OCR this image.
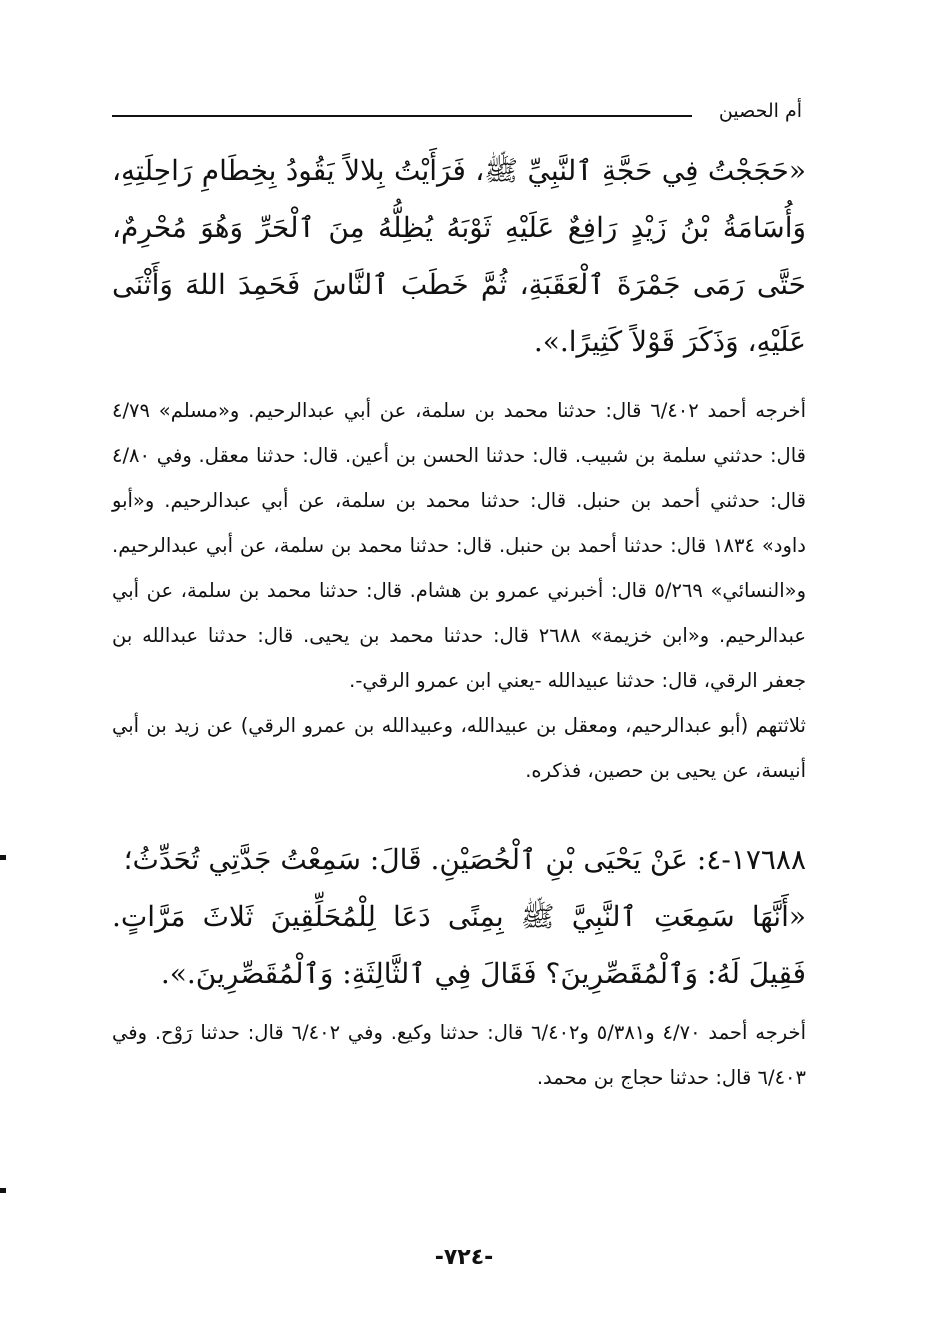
أم الحصين

«حَجَجْتُ فِي حَجَّةِ ٱلنَّبِيِّ ﷺ، فَرَأَيْتُ بِلالاً يَقُودُ بِخِطَامِ رَاحِلَتِهِ، وَأُسَامَةُ بْنُ زَيْدٍ رَافِعٌ عَلَيْهِ ثَوْبَهُ يُظِلُّهُ مِنَ ٱلْحَرِّ وَهُوَ مُحْرِمٌ، حَتَّى رَمَى جَمْرَةَ ٱلْعَقَبَةِ، ثُمَّ خَطَبَ ٱلنَّاسَ فَحَمِدَ اللهَ وَأَثْنَى عَلَيْهِ، وَذَكَرَ قَوْلاً كَثِيرًا.».

أخرجه أحمد ٦/٤٠٢ قال: حدثنا محمد بن سلمة، عن أبي عبدالرحيم. و«مسلم» ٤/٧٩ قال: حدثني سلمة بن شبيب. قال: حدثنا الحسن بن أعين. قال: حدثنا معقل. وفي ٤/٨٠ قال: حدثني أحمد بن حنبل. قال: حدثنا محمد بن سلمة، عن أبي عبدالرحيم. و«أبو داود» ١٨٣٤ قال: حدثنا أحمد بن حنبل. قال: حدثنا محمد بن سلمة، عن أبي عبدالرحيم. و«النسائي» ٥/٢٦٩ قال: أخبرني عمرو بن هشام. قال: حدثنا محمد بن سلمة، عن أبي عبدالرحيم. و«ابن خزيمة» ٢٦٨٨ قال: حدثنا محمد بن يحيى. قال: حدثنا عبدالله بن جعفر الرقي، قال: حدثنا عبيدالله -يعني ابن عمرو الرقي-.

ثلاثتهم (أبو عبدالرحيم، ومعقل بن عبيدالله، وعبيدالله بن عمرو الرقي) عن زيد بن أبي أنيسة، عن يحيى بن حصين، فذكره.

١٧٦٨٨-٤: عَنْ يَحْيَى بْنِ ٱلْحُصَيْنِ. قَالَ: سَمِعْتُ جَدَّتِي تُحَدِّثُ؛

«أَنَّهَا سَمِعَتِ ٱلنَّبِيَّ ﷺ بِمِنًى دَعَا لِلْمُحَلِّقِينَ ثَلاثَ مَرَّاتٍ. فَقِيلَ لَهُ: وَٱلْمُقَصِّرِينَ؟ فَقَالَ فِي ٱلثَّالِثَةِ: وَٱلْمُقَصِّرِينَ.».

أخرجه أحمد ٤/٧٠ و٥/٣٨١ و٦/٤٠٢ قال: حدثنا وكيع. وفي ٦/٤٠٢ قال: حدثنا رَوْح. وفي ٦/٤٠٣ قال: حدثنا حجاج بن محمد.

-٧٢٤-
